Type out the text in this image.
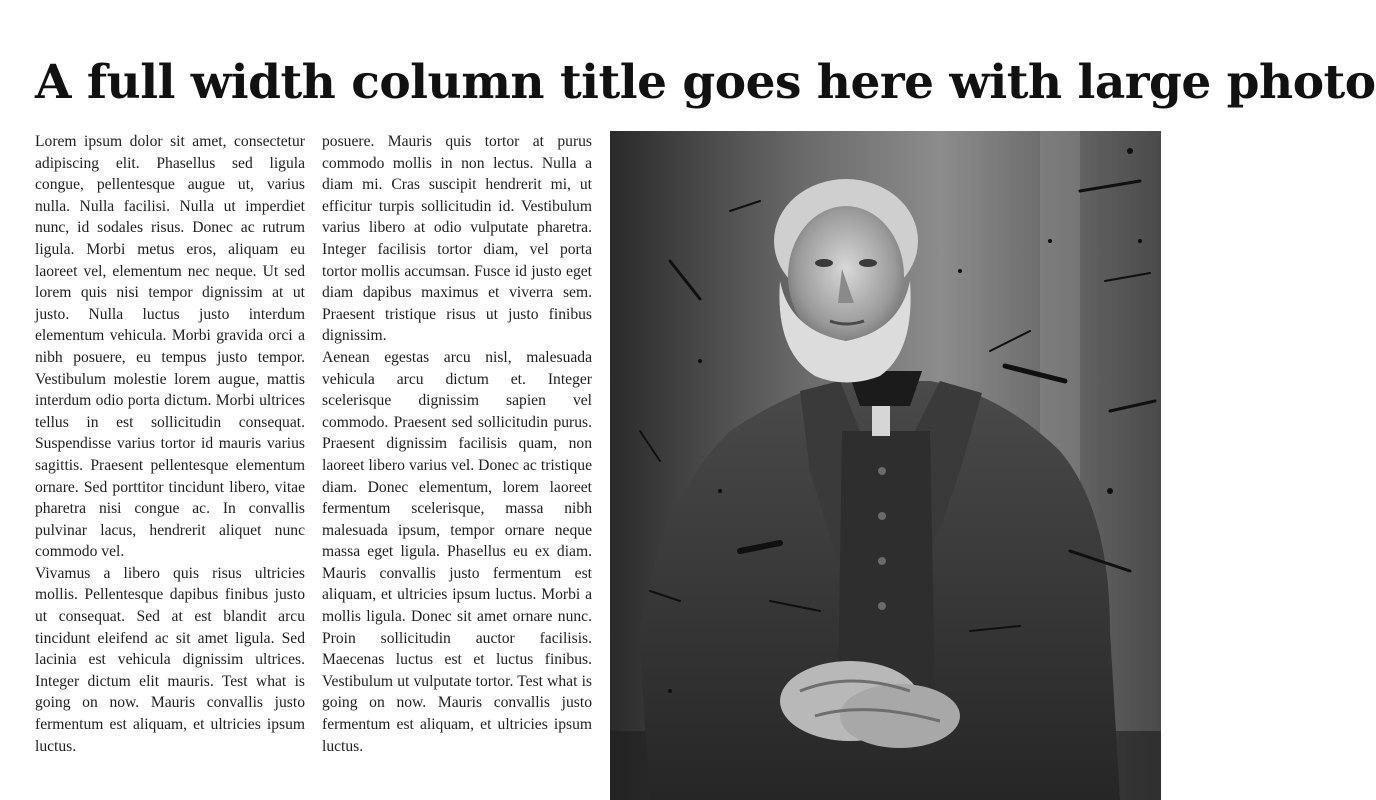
A full width column title goes here with large photo

Lorem ipsum dolor sit amet, consectetur adipiscing elit. Phasellus sed ligula congue, pellentesque augue ut, varius nulla. Nulla facilisi. Nulla ut imperdiet nunc, id sodales risus. Donec ac rutrum ligula. Morbi metus eros, aliquam eu laoreet vel, elementum nec neque. Ut sed lorem quis nisi tempor dignissim at ut justo. Nulla luctus justo interdum elementum vehicula. Morbi gravida orci a nibh posuere, eu tempus justo tempor. Vestibulum molestie lorem augue, mattis interdum odio porta dictum. Morbi ultrices tellus in est sollicitudin consequat. Suspendisse varius tortor id mauris varius sagittis. Praesent pellentesque elementum ornare. Sed porttitor tincidunt libero, vitae pharetra nisi congue ac. In convallis pulvinar lacus, hendrerit aliquet nunc commodo vel.

Vivamus a libero quis risus ultricies mollis. Pellentesque dapibus finibus justo ut consequat. Sed at est blandit arcu tincidunt eleifend ac sit amet ligula. Sed lacinia est vehicula dignissim ultrices. Integer dictum elit mauris. Test what is going on now. Mauris convallis justo fermentum est aliquam, et ultricies ipsum luctus.

posuere. Mauris quis tortor at purus commodo mollis in non lectus. Nulla a diam mi. Cras suscipit hendrerit mi, ut efficitur turpis sollicitudin id. Vestibulum varius libero at odio vulputate pharetra. Integer facilisis tortor diam, vel porta tortor mollis accumsan. Fusce id justo eget diam dapibus maximus et viverra sem. Praesent tristique risus ut justo finibus dignissim.

Aenean egestas arcu nisl, malesuada vehicula arcu dictum et. Integer scelerisque dignissim sapien vel commodo. Praesent sed sollicitudin purus. Praesent dignissim facilisis quam, non laoreet libero varius vel. Donec ac tristique diam. Donec elementum, lorem laoreet fermentum scelerisque, massa nibh malesuada ipsum, tempor ornare neque massa eget ligula. Phasellus eu ex diam. Mauris convallis justo fermentum est aliquam, et ultricies ipsum luctus. Morbi a mollis ligula. Donec sit amet ornare nunc. Proin sollicitudin auctor facilisis. Maecenas luctus est et luctus finibus. Vestibulum ut vulputate tortor. Test what is going on now. Mauris convallis justo fermentum est aliquam, et ultricies ipsum luctus.
